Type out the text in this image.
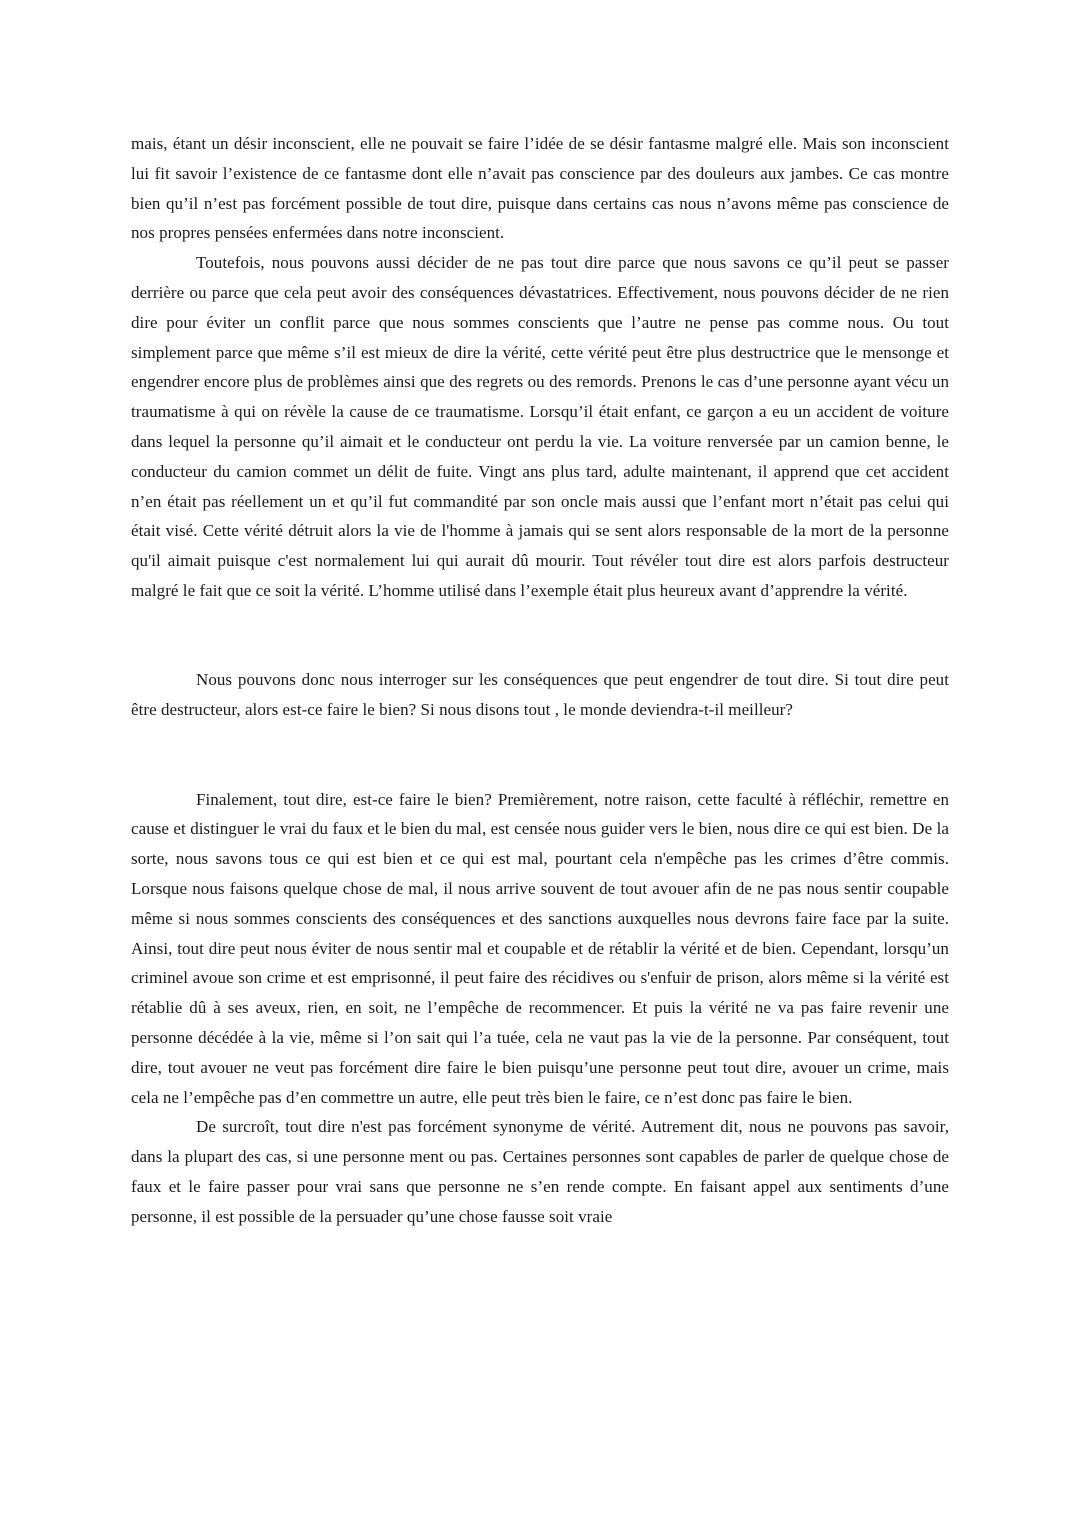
mais, étant un désir inconscient, elle ne pouvait se faire l’idée de se désir fantasme malgré elle. Mais son inconscient lui fit savoir l’existence de ce fantasme dont elle n’avait pas conscience par des douleurs aux jambes. Ce cas montre bien qu’il n’est pas forcément possible de tout dire, puisque dans certains cas nous n’avons même pas conscience de nos propres pensées enfermées dans notre inconscient.

Toutefois, nous pouvons aussi décider de ne pas tout dire parce que nous savons ce qu’il peut se passer derrière ou parce que cela peut avoir des conséquences dévastatrices. Effectivement, nous pouvons décider de ne rien dire pour éviter un conflit parce que nous sommes conscients que l’autre ne pense pas comme nous. Ou tout simplement parce que même s’il est mieux de dire la vérité, cette vérité peut être plus destructrice que le mensonge et engendrer encore plus de problèmes ainsi que des regrets ou des remords. Prenons le cas d’une personne ayant vécu un traumatisme à qui on révèle la cause de ce traumatisme. Lorsqu’il était enfant, ce garçon a eu un accident de voiture dans lequel la personne qu’il aimait et le conducteur ont perdu la vie. La voiture renversée par un camion benne, le conducteur du camion commet un délit de fuite. Vingt ans plus tard, adulte maintenant, il apprend que cet accident n’en était pas réellement un et qu’il fut commandité par son oncle mais aussi que l’enfant mort n’était pas celui qui était visé. Cette vérité détruit alors la vie de l'homme à jamais qui se sent alors responsable de la mort de la personne qu'il aimait puisque c'est normalement lui qui aurait dû mourir. Tout révéler tout dire est alors parfois destructeur malgré le fait que ce soit la vérité. L’homme utilisé dans l’exemple était plus heureux avant d’apprendre la vérité.

Nous pouvons donc nous interroger sur les conséquences que peut engendrer de tout dire. Si tout dire peut être destructeur, alors est-ce faire le bien? Si nous disons tout , le monde deviendra-t-il meilleur?

Finalement, tout dire, est-ce faire le bien? Premièrement, notre raison, cette faculté à réfléchir, remettre en cause et distinguer le vrai du faux et le bien du mal, est censée nous guider vers le bien, nous dire ce qui est bien. De la sorte, nous savons tous ce qui est bien et ce qui est mal, pourtant cela n'empêche pas les crimes d’être commis. Lorsque nous faisons quelque chose de mal, il nous arrive souvent de tout avouer afin de ne pas nous sentir coupable même si nous sommes conscients des conséquences et des sanctions auxquelles nous devrons faire face par la suite. Ainsi, tout dire peut nous éviter de nous sentir mal et coupable et de rétablir la vérité et de bien. Cependant, lorsqu’un criminel avoue son crime et est emprisonné, il peut faire des récidives ou s'enfuir de prison, alors même si la vérité est rétablie dû à ses aveux, rien, en soit, ne l’empêche de recommencer. Et puis la vérité ne va pas faire revenir une personne décédée à la vie, même si l’on sait qui l’a tuée, cela ne vaut pas la vie de la personne. Par conséquent, tout dire, tout avouer ne veut pas forcément dire faire le bien puisqu’une personne peut tout dire, avouer un crime, mais cela ne l’empêche pas d’en commettre un autre, elle peut très bien le faire, ce n’est donc pas faire le bien.

De surcroît, tout dire n'est pas forcément synonyme de vérité. Autrement dit, nous ne pouvons pas savoir, dans la plupart des cas, si une personne ment ou pas. Certaines personnes sont capables de parler de quelque chose de faux et le faire passer pour vrai sans que personne ne s’en rende compte. En faisant appel aux sentiments d’une personne, il est possible de la persuader qu’une chose fausse soit vraie
